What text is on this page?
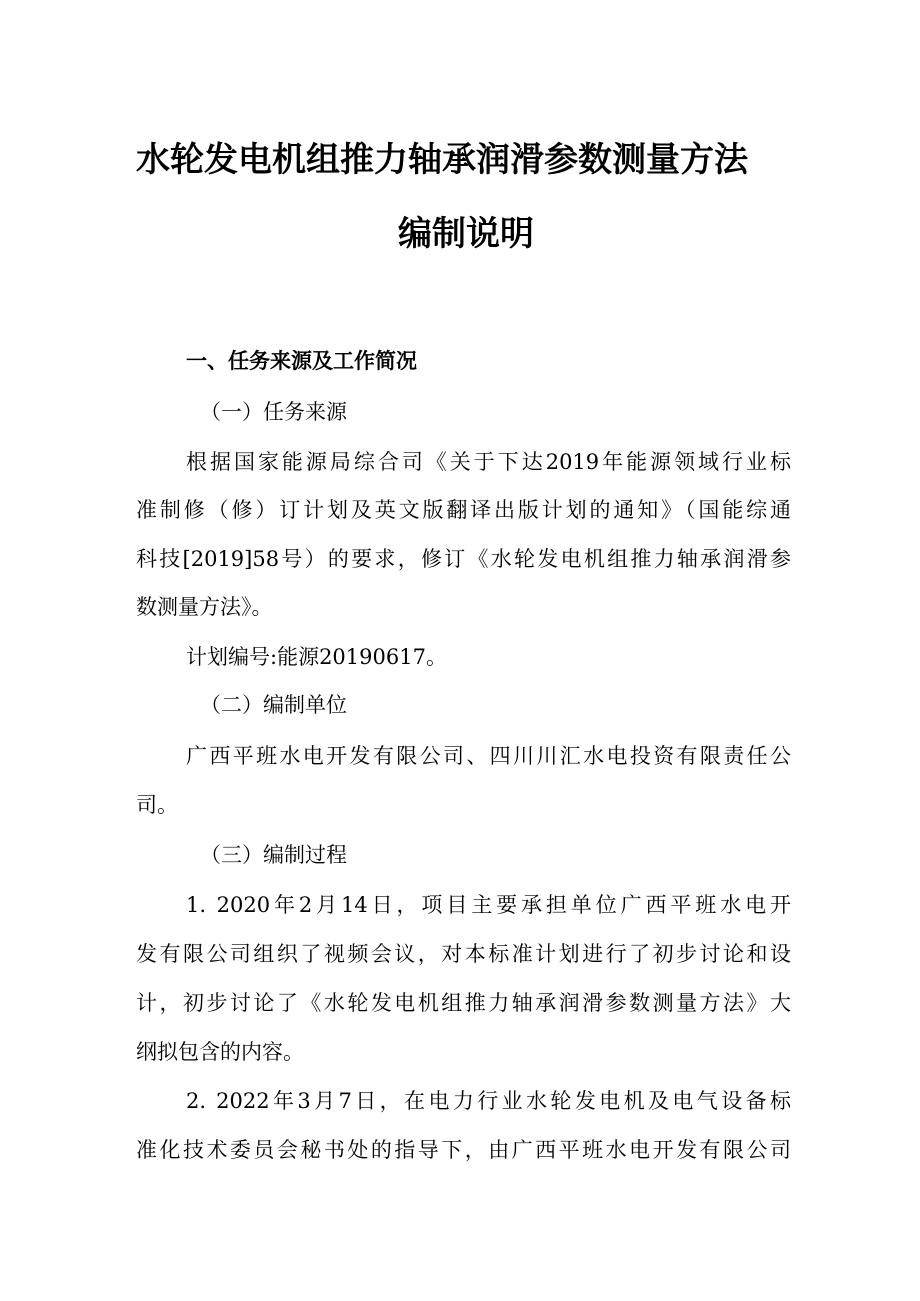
水轮发电机组推力轴承润滑参数测量方法
编制说明
一、任务来源及工作简况
（一）任务来源
根据国家能源局综合司《关于下达2019年能源领域行业标
准制修（修）订计划及英文版翻译出版计划的通知》（国能综通
科技[2019]58号）的要求，修订《水轮发电机组推力轴承润滑参
数测量方法》。
计划编号:能源20190617。
（二）编制单位
广西平班水电开发有限公司、四川川汇水电投资有限责任公
司。
（三）编制过程
1. 2020年2月14日，项目主要承担单位广西平班水电开
发有限公司组织了视频会议，对本标准计划进行了初步讨论和设
计，初步讨论了《水轮发电机组推力轴承润滑参数测量方法》大
纲拟包含的内容。
2. 2022年3月7日，在电力行业水轮发电机及电气设备标
准化技术委员会秘书处的指导下，由广西平班水电开发有限公司
